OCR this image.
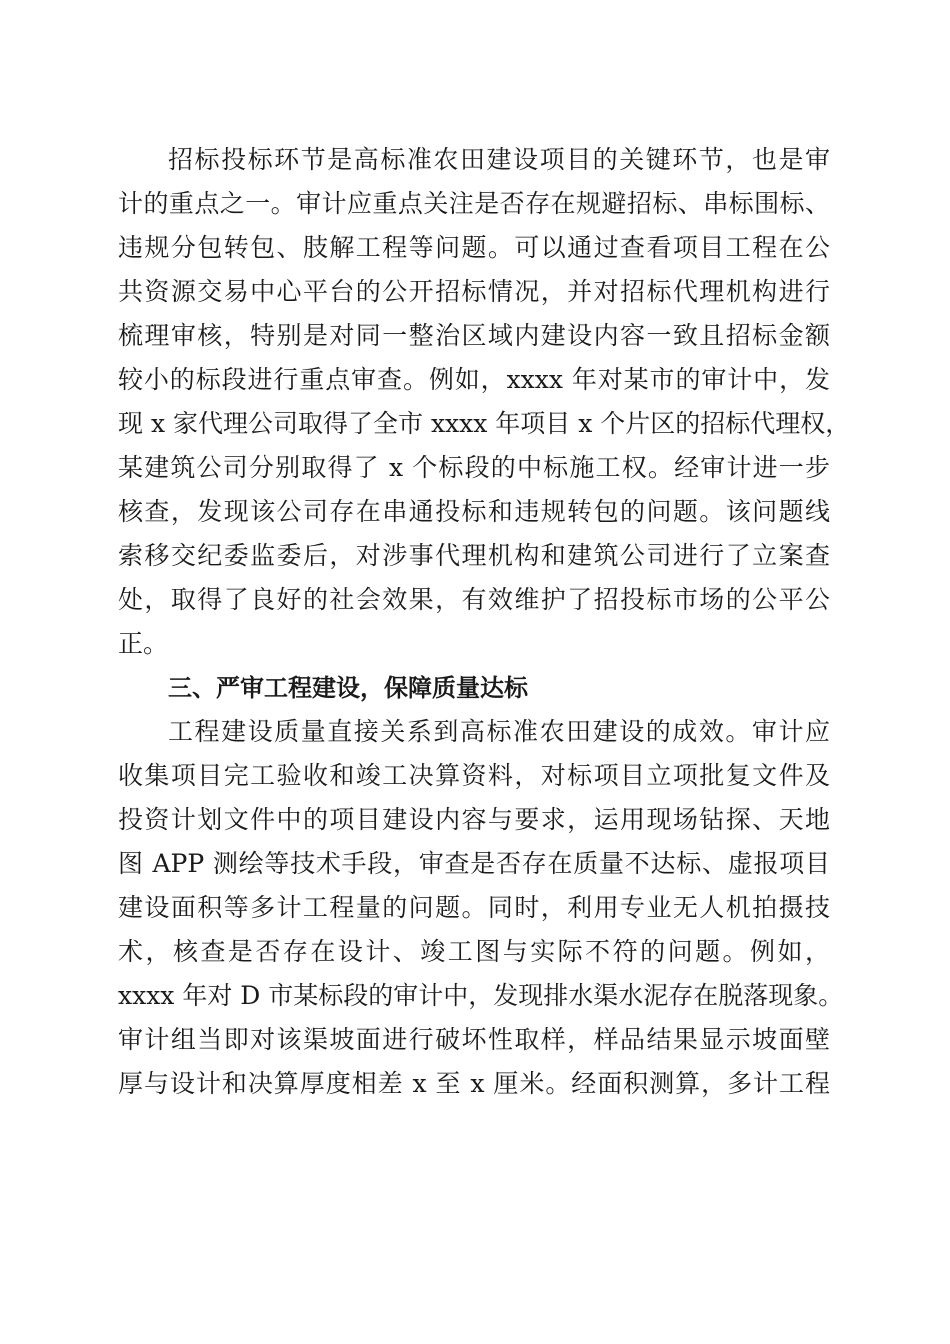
招标投标环节是高标准农田建设项目的关键环节，也是审
计的重点之一。审计应重点关注是否存在规避招标、串标围标、
违规分包转包、肢解工程等问题。可以通过查看项目工程在公
共资源交易中心平台的公开招标情况，并对招标代理机构进行
梳理审核，特别是对同一整治区域内建设内容一致且招标金额
较小的标段进行重点审查。例如，xxxx 年对某市的审计中，发
现 x 家代理公司取得了全市 xxxx 年项目 x 个片区的招标代理权，
某建筑公司分别取得了 x 个标段的中标施工权。经审计进一步
核查，发现该公司存在串通投标和违规转包的问题。该问题线
索移交纪委监委后，对涉事代理机构和建筑公司进行了立案查
处，取得了良好的社会效果，有效维护了招投标市场的公平公
正。
三、严审工程建设，保障质量达标
工程建设质量直接关系到高标准农田建设的成效。审计应
收集项目完工验收和竣工决算资料，对标项目立项批复文件及
投资计划文件中的项目建设内容与要求，运用现场钻探、天地
图 APP 测绘等技术手段，审查是否存在质量不达标、虚报项目
建设面积等多计工程量的问题。同时，利用专业无人机拍摄技
术，核查是否存在设计、竣工图与实际不符的问题。例如，
xxxx 年对 D 市某标段的审计中，发现排水渠水泥存在脱落现象。
审计组当即对该渠坡面进行破坏性取样，样品结果显示坡面壁
厚与设计和决算厚度相差 x 至 x 厘米。经面积测算，多计工程
